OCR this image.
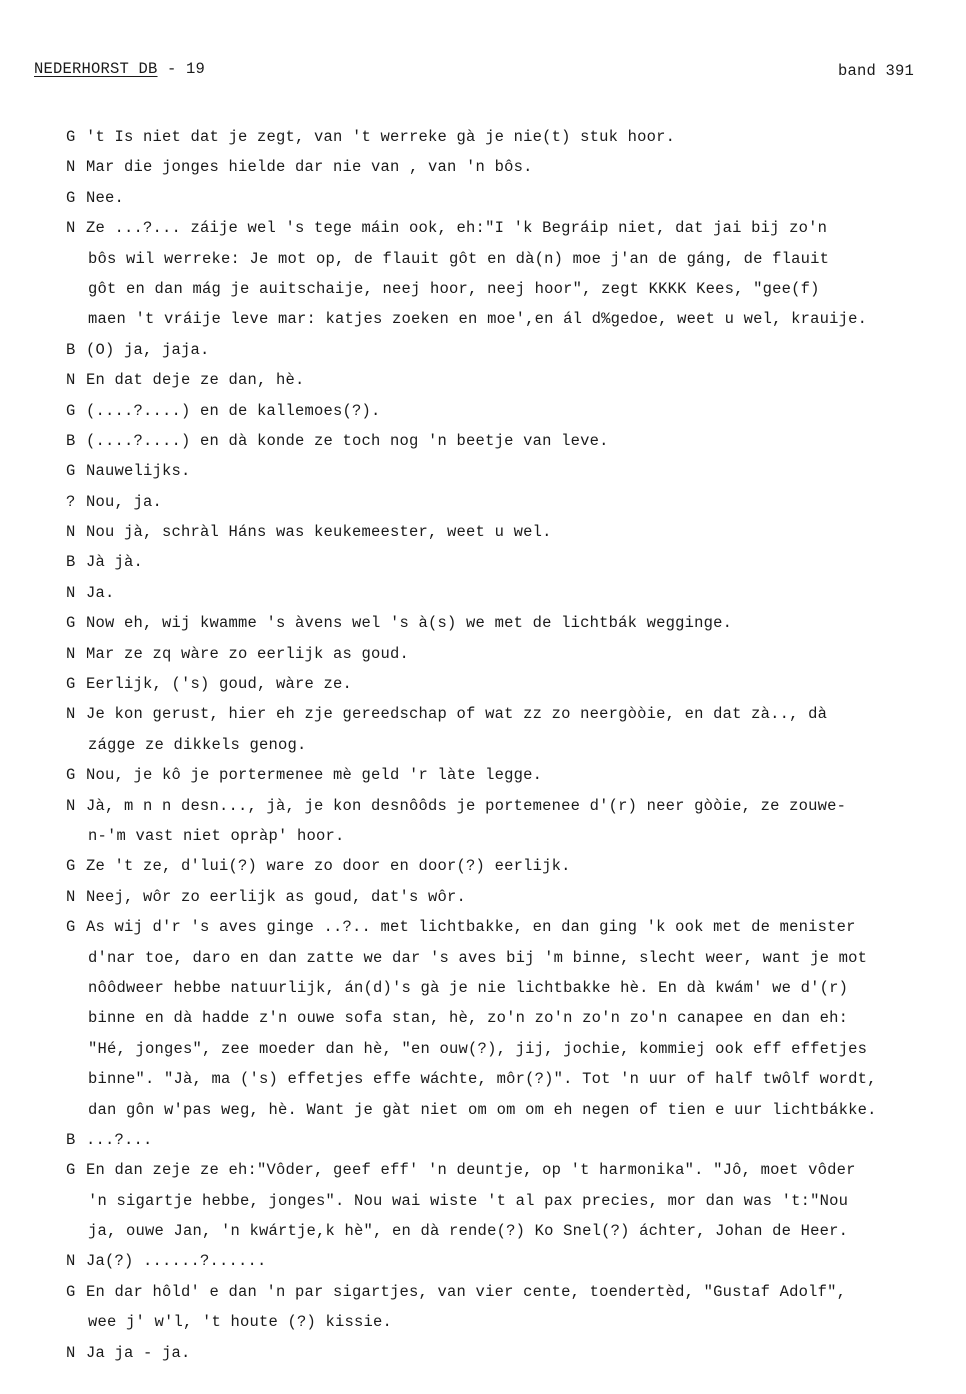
NEDERHORST DB - 19	band 391
G 't Is niet dat je zegt, van 't werreke gà je nie(t) stuk hoor.
N Mar die jonges hielde dar nie van , van 'n bôs.
G Nee.
N Ze ...?... záije wel 's tege máin ook, eh:"I 'k Begráip niet, dat jai bij zo'n
bôs wil werreke: Je mot op, de flauit gôt en dà(n) moe j'an de gáng, de flauit
gôt en dan mág je auitschaije, neej hoor, neej hoor", zegt KKKK Kees, "gee(f)
maen 't vráije leve mar: katjes zoeken en moe',en ál d%gedoe, weet u wel, krauije.
B (O) ja, jaja.
N En dat deje ze dan, hè.
G (....?....) en de kallemoes(?).
B (....?....) en dà konde ze toch nog 'n beetje van leve.
G Nauwelijks.
? Nou, ja.
N Nou jà, schràl Háns was keukemeester, weet u wel.
B Jà jà.
N Ja.
G Now eh, wij kwamme 's àvens wel 's à(s) we met de lichtbák wegginge.
N Mar ze zq wàre zo eerlijk as goud.
G Eerlijk, ('s) goud, wàre ze.
N Je kon gerust, hier eh zje gereedschap of wat zz zo neergòòie, en dat zà.., dà
zágge ze dikkels genog.
G Nou, je kô je portermenee mè geld 'r làte legge.
N Jà, m n n desn..., jà, je kon desnôôds je portemenee d'(r) neer gòòie, ze zouwe-
n-'m vast niet opràp' hoor.
G Ze 't ze, d'lui(?) ware zo door en door(?) eerlijk.
N Neej, wôr zo eerlijk as goud, dat's wôr.
G As wij d'r 's aves ginge ..?.. met lichtbakke, en dan ging 'k ook met de menister
d'nar toe, daro en dan zatte we dar 's aves bij 'm binne, slecht weer, want je mot
nôôdweer hebbe natuurlijk, án(d)'s gà je nie lichtbakke hè. En dà kwám' we d'(r)
binne en dà hadde z'n ouwe sofa stan, hè, zo'n zo'n zo'n zo'n canapee en dan eh:
"Hé, jonges", zee moeder dan hè, "en ouw(?), jij, jochie, kommiej ook eff effetjes
binne". "Jà, ma ('s) effetjes effe wáchte, môr(?)". Tot 'n uur of half twôlf wordt,
dan gôn w'pas weg, hè. Want je gàt niet om om om eh negen of tien e uur lichtbákke.
B ...?...
G En dan zeje ze eh:"Vôder, geef eff' 'n deuntje, op 't harmonika". "Jô, moet vôder
'n sigartje hebbe, jonges". Nou wai wiste 't al pax precies, mor dan was 't:"Nou
ja, ouwe Jan, 'n kwártje,k hè", en dà rende(?) Ko Snel(?) áchter, Johan de Heer.
N Ja(?) ......?......
G En dar hôld' e dan 'n par sigartjes, van vier cente, toendertèd, "Gustaf Adolf",
wee j' w'l, 't houte (?) kissie.
N Ja ja - ja.
